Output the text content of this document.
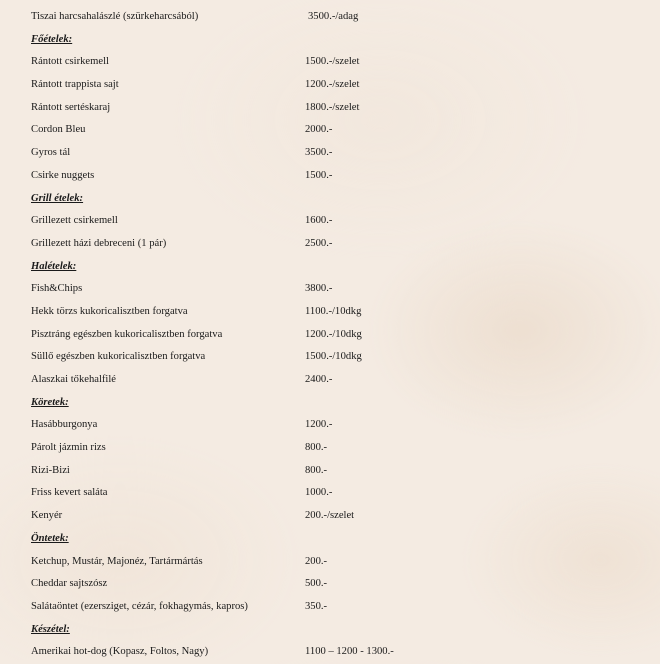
Tiszai harcsahalászlé (szürkeharcsából)	3500.-/adag
Főételek:
Rántott csirkemell	1500.-/szelet
Rántott trappista sajt	1200.-/szelet
Rántott sertéskaraj	1800.-/szelet
Cordon Bleu	2000.-
Gyros tál	3500.-
Csirke nuggets	1500.-
Grill ételek:
Grillezett csirkemell	1600.-
Grillezett házi debreceni (1 pár)	2500.-
Halételek:
Fish&Chips	3800.-
Hekk törzs kukoricalisztben forgatva	1100.-/10dkg
Pisztráng egészben kukoricalisztben forgatva	1200.-/10dkg
Süllő egészben kukoricalisztben forgatva	1500.-/10dkg
Alaszkai tőkehalfilé	2400.-
Köretek:
Hasábburgonya	1200.-
Párolt jázmin rizs	800.-
Rizi-Bizi	800.-
Friss kevert saláta	1000.-
Kenyér	200.-/szelet
Öntetek:
Ketchup, Mustár, Majonéz, Tartármártás	200.-
Cheddar sajtszósz	500.-
Salátaöntet (ezersziget, cézár, fokhagymás, kapros)	350.-
Készétel:
Amerikai hot-dog (Kopasz, Foltos, Nagy)	1100 – 1200 - 1300.-
